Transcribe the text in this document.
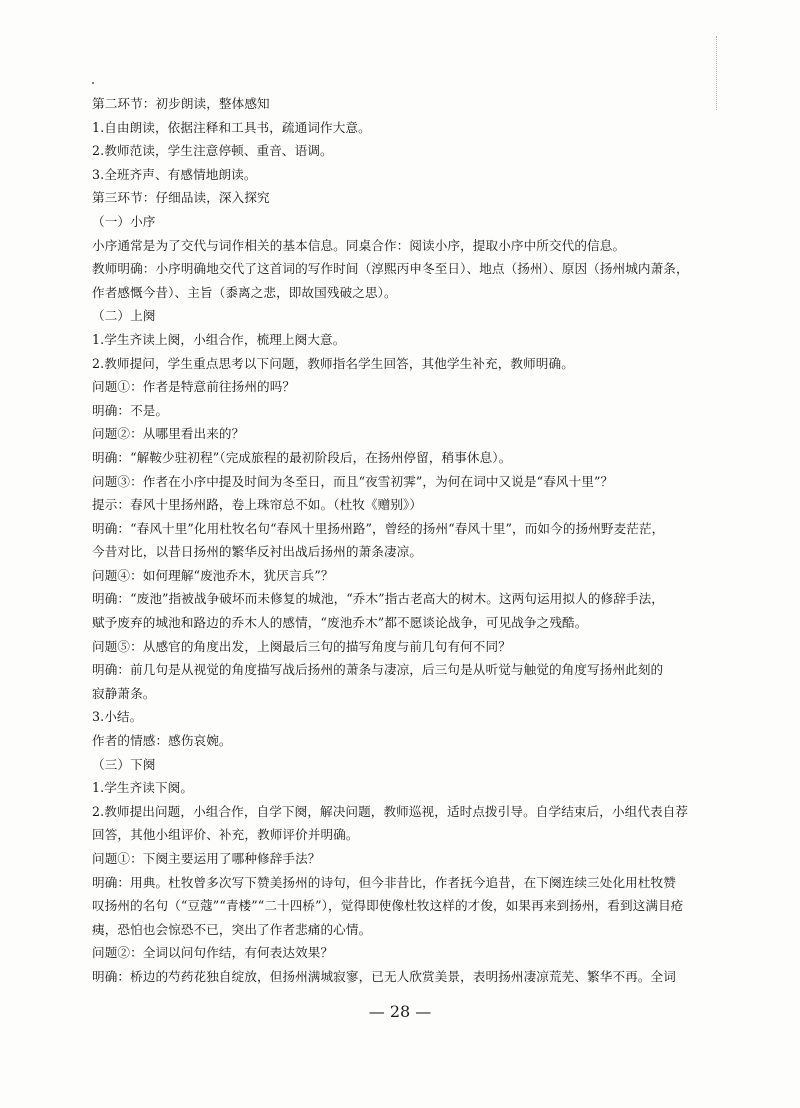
第二环节：初步朗读，整体感知
1.自由朗读，依据注释和工具书，疏通词作大意。
2.教师范读，学生注意停顿、重音、语调。
3.全班齐声、有感情地朗读。
第三环节：仔细品读，深入探究
（一）小序
小序通常是为了交代与词作相关的基本信息。同桌合作：阅读小序，提取小序中所交代的信息。
教师明确：小序明确地交代了这首词的写作时间（淳熙丙申冬至日）、地点（扬州）、原因（扬州城内萧条，
作者感慨今昔）、主旨（黍离之悲，即故国残破之思）。
（二）上阕
1.学生齐读上阕，小组合作，梳理上阕大意。
2.教师提问，学生重点思考以下问题，教师指名学生回答，其他学生补充，教师明确。
问题①：作者是特意前往扬州的吗？
明确：不是。
问题②：从哪里看出来的？
明确：“解鞍少驻初程”（完成旅程的最初阶段后，在扬州停留，稍事休息）。
问题③：作者在小序中提及时间为冬至日，而且“夜雪初霁”，为何在词中又说是“春风十里”？
提示：春风十里扬州路，卷上珠帘总不如。（杜牧《赠别》）
明确：“春风十里”化用杜牧名句“春风十里扬州路”，曾经的扬州“春风十里”，而如今的扬州野麦茫茫，
今昔对比，以昔日扬州的繁华反衬出战后扬州的萧条凄凉。
问题④：如何理解“废池乔木，犹厌言兵”？
明确：“废池”指被战争破坏而未修复的城池，“乔木”指古老高大的树木。这两句运用拟人的修辞手法，
赋予废弃的城池和路边的乔木人的感情，“废池乔木”都不愿谈论战争，可见战争之残酷。
问题⑤：从感官的角度出发，上阕最后三句的描写角度与前几句有何不同？
明确：前几句是从视觉的角度描写战后扬州的萧条与凄凉，后三句是从听觉与触觉的角度写扬州此刻的
寂静萧条。
3.小结。
作者的情感：感伤哀婉。
（三）下阕
1.学生齐读下阕。
2.教师提出问题，小组合作，自学下阕，解决问题，教师巡视，适时点拨引导。自学结束后，小组代表自荐
回答，其他小组评价、补充，教师评价并明确。
问题①：下阕主要运用了哪种修辞手法？
明确：用典。杜牧曾多次写下赞美扬州的诗句，但今非昔比，作者抚今追昔，在下阕连续三处化用杜牧赞
叹扬州的名句（“豆蔻”“青楼”“二十四桥”），觉得即使像杜牧这样的才俊，如果再来到扬州，看到这满目疮
痍，恐怕也会惊恐不已，突出了作者悲痛的心情。
问题②：全词以问句作结，有何表达效果？
明确：桥边的芍药花独自绽放，但扬州满城寂寥，已无人欣赏美景，表明扬州凄凉荒芜、繁华不再。全词
— 28 —
